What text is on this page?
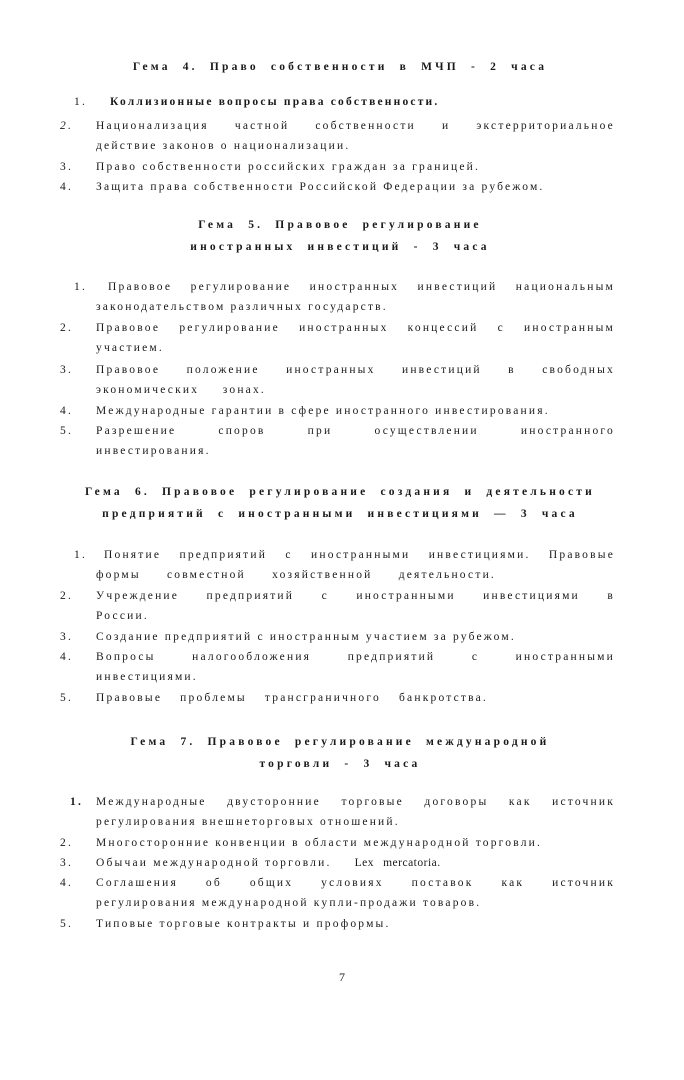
Гема 4. Право собственности в МЧП - 2 часа
1.	Коллизионные вопросы права собственности.
2.	Национализация частной собственности и экстерриториальное
действие законов о национализации.
3.	Право собственности российских граждан за границей.
4.	Защита права собственности Российской Федерации за рубежом.
Гема 5. Правовое регулирование
иностранных инвестиций - 3 часа
1.	Правовое регулирование иностранных инвестиций национальным
законодательством различных государств.
2.	Правовое регулирование иностранных концессий с иностранным
участием.
3.	Правовое положение иностранных инвестиций в свободных
экономических зонах.
4.	Международные гарантии в сфере иностранного инвестирования.
5.	Разрешение споров при осуществлении иностранного
инвестирования.
Гема 6. Правовое регулирование создания и деятельности
предприятий с иностранными инвестициями — 3 часа
1.	Понятие предприятий с иностранными инвестициями. Правовые
формы совместной хозяйственной деятельности.
2.	Учреждение предприятий с иностранными инвестициями в
России.
3.	Создание предприятий с иностранным участием за рубежом.
4.	Вопросы налогообложения предприятий с иностранными
инвестициями.
5.	Правовые проблемы трансграничного банкротства.
Гема 7. Правовое регулирование международной
торговли - 3 часа
1.	Международные двусторонние торговые договоры как источник
регулирования внешнеторговых отношений.
2.	Многосторонние конвенции в области международной торговли.
3.	Обычаи международной торговли. Lex mercatoria.
4.	Соглашения об общих условиях поставок как источник
регулирования международной купли-продажи товаров.
5.	Типовые торговые контракты и проформы.
7
